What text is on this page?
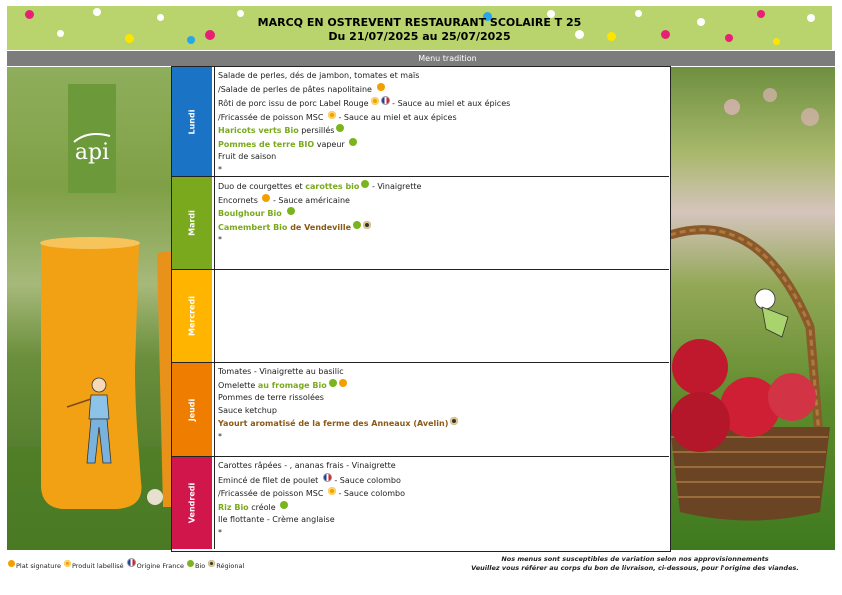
MARCQ EN OSTREVENT RESTAURANT SCOLAIRE T 25
Du 21/07/2025 au 25/07/2025
Menu tradition
api
Lundi
Salade de perles, dés de jambon, tomates et maïs
/Salade de perles de pâtes napolitaine
Rôti de porc issu de porc Label Rouge	- Sauce au miel et aux épices
/Fricassée de poisson MSC  - Sauce au miel et aux épices
Haricots verts Bio persillés
Pommes de terre BIO vapeur
Fruit de saison
*
Mardi
Duo de courgettes et carottes bio - Vinaigrette
Encornets  - Sauce américaine
Boulghour Bio
Camembert Bio de Vendeville
*
Mercredi
Jeudi
Tomates - Vinaigrette au basilic
Omelette au fromage Bio
Pommes de terre rissolées
Sauce ketchup
Yaourt aromatisé de la ferme des Anneaux (Avelin)
*
Vendredi
Carottes râpées - , ananas frais - Vinaigrette
Emincé de filet de poulet  - Sauce colombo
/Fricassée de poisson MSC  - Sauce colombo
Riz Bio créole
Ile flottante - Crème anglaise
*
Plat signature Produit labellisé Origine France Bio Régional
Nos menus sont susceptibles de variation selon nos approvisionnements
Veuillez vous référer au corps du bon de livraison, ci-dessous, pour l'origine des viandes.
